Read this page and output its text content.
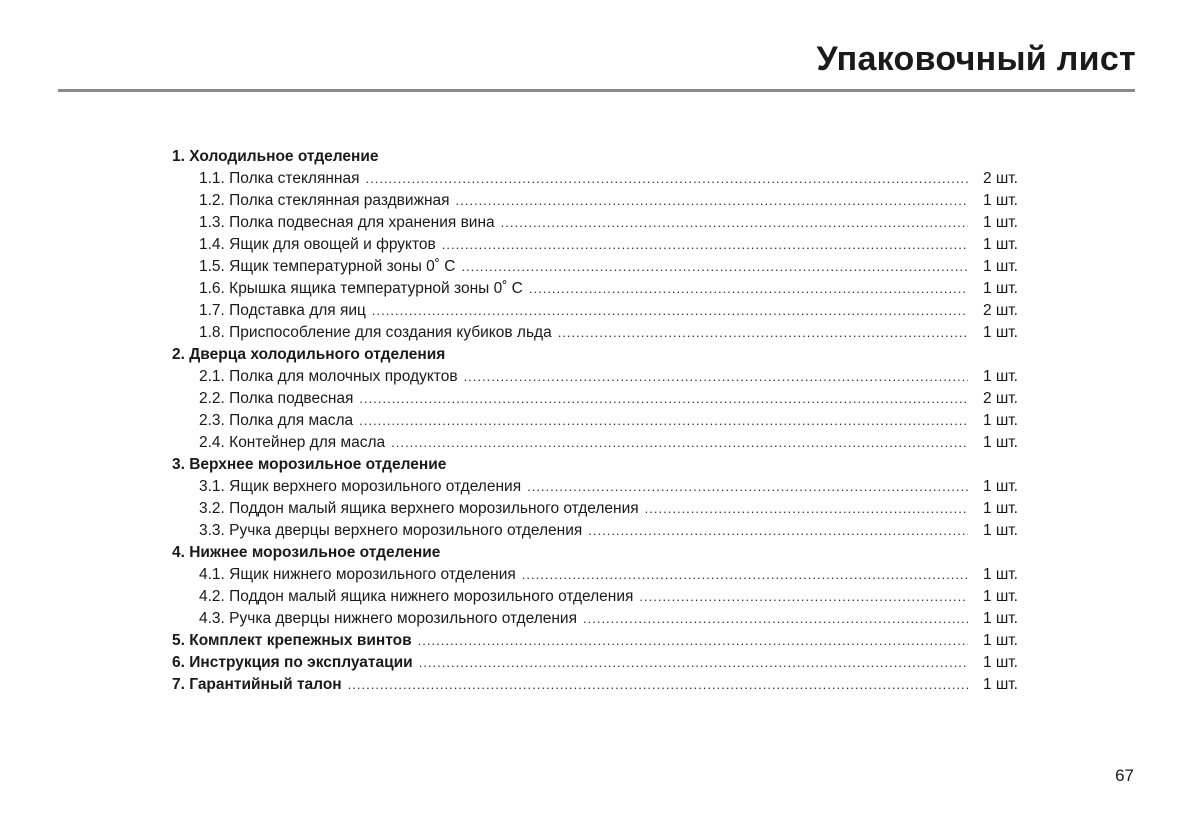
Упаковочный лист
1. Холодильное отделение
1.1. Полка стеклянная .....	2 шт.
1.2. Полка стеклянная раздвижная .....	1 шт.
1.3. Полка подвесная для хранения вина .....	1 шт.
1.4. Ящик для овощей и фруктов .....	1 шт.
1.5. Ящик температурной зоны 0˚ С .....	1 шт.
1.6. Крышка ящика температурной зоны 0˚ С .....	1 шт.
1.7. Подставка для яиц .....	2 шт.
1.8. Приспособление для создания кубиков льда .....	1 шт.
2. Дверца холодильного отделения
2.1. Полка для молочных продуктов .....	1 шт.
2.2. Полка подвесная .....	2 шт.
2.3. Полка для масла .....	1 шт.
2.4. Контейнер для масла .....	1 шт.
3. Верхнее морозильное отделение
3.1. Ящик верхнего морозильного отделения .....	1 шт.
3.2. Поддон малый ящика верхнего морозильного отделения .....	1 шт.
3.3. Ручка дверцы верхнего морозильного отделения .....	1 шт.
4. Нижнее морозильное отделение
4.1. Ящик нижнего морозильного отделения .....	1 шт.
4.2. Поддон малый ящика нижнего морозильного отделения .....	1 шт.
4.3. Ручка дверцы нижнего морозильного отделения .....	1 шт.
5. Комплект крепежных винтов .....	1 шт.
6. Инструкция по эксплуатации .....	1 шт.
7. Гарантийный талон .....	1 шт.
67
